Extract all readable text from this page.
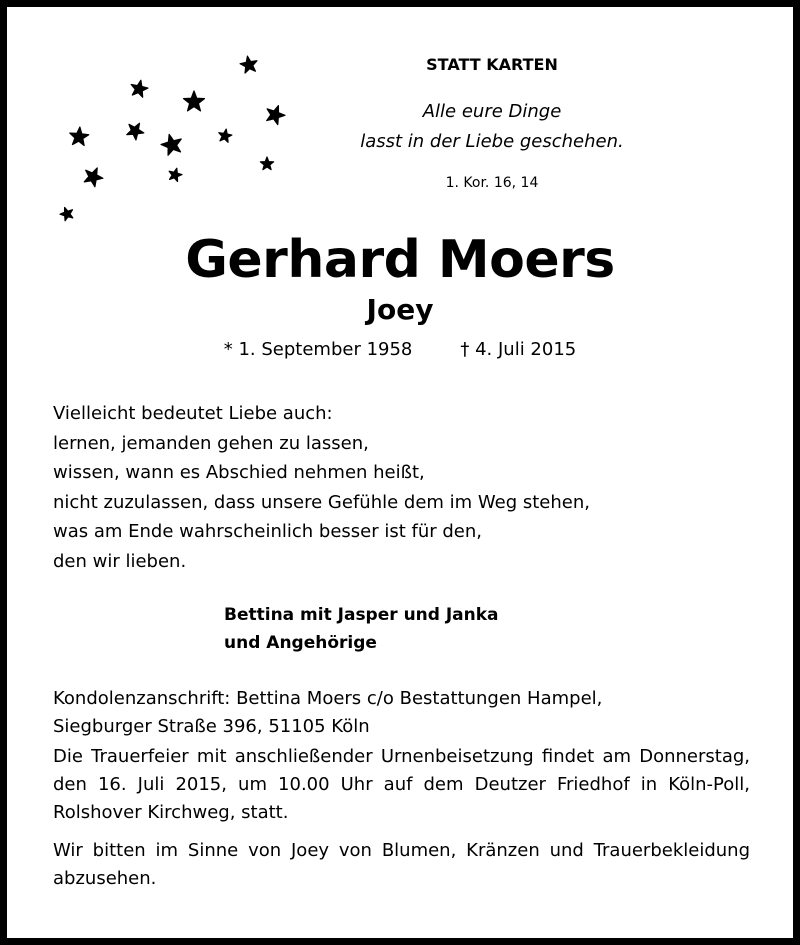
STATT KARTEN
Alle eure Dinge
lasst in der Liebe geschehen.
1. Kor. 16, 14
Gerhard Moers
Joey
* 1. September 1958	† 4. Juli 2015
Vielleicht bedeutet Liebe auch:
lernen, jemanden gehen zu lassen,
wissen, wann es Abschied nehmen heißt,
nicht zuzulassen, dass unsere Gefühle dem im Weg stehen,
was am Ende wahrscheinlich besser ist für den,
den wir lieben.
Bettina mit Jasper und Janka
und Angehörige
Kondolenzanschrift: Bettina Moers c/o Bestattungen Hampel,
Siegburger Straße 396, 51105 Köln
Die Trauerfeier mit anschließender Urnenbeisetzung findet am Donnerstag, den 16. Juli 2015, um 10.00 Uhr auf dem Deutzer Friedhof in Köln-Poll, Rolshover Kirchweg, statt.
Wir bitten im Sinne von Joey von Blumen, Kränzen und Trauerbekleidung abzusehen.
